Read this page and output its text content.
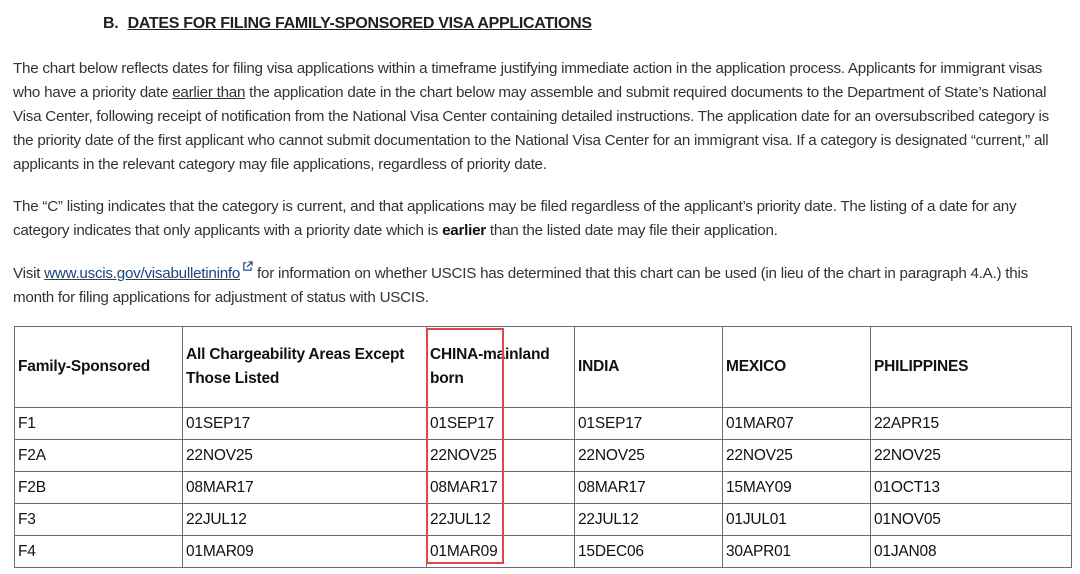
B. DATES FOR FILING FAMILY-SPONSORED VISA APPLICATIONS
The chart below reflects dates for filing visa applications within a timeframe justifying immediate action in the application process. Applicants for immigrant visas who have a priority date earlier than the application date in the chart below may assemble and submit required documents to the Department of State’s National Visa Center, following receipt of notification from the National Visa Center containing detailed instructions. The application date for an oversubscribed category is the priority date of the first applicant who cannot submit documentation to the National Visa Center for an immigrant visa. If a category is designated “current,” all applicants in the relevant category may file applications, regardless of priority date.
The “C” listing indicates that the category is current, and that applications may be filed regardless of the applicant’s priority date. The listing of a date for any category indicates that only applicants with a priority date which is earlier than the listed date may file their application.
Visit www.uscis.gov/visabulletininfo for information on whether USCIS has determined that this chart can be used (in lieu of the chart in paragraph 4.A.) this month for filing applications for adjustment of status with USCIS.
Family-Sponsored	All Chargeability Areas Except Those Listed	CHINA-mainland born	INDIA	MEXICO	PHILIPPINES
F1	01SEP17	01SEP17	01SEP17	01MAR07	22APR15
F2A	22NOV25	22NOV25	22NOV25	22NOV25	22NOV25
F2B	08MAR17	08MAR17	08MAR17	15MAY09	01OCT13
F3	22JUL12	22JUL12	22JUL12	01JUL01	01NOV05
F4	01MAR09	01MAR09	15DEC06	30APR01	01JAN08
